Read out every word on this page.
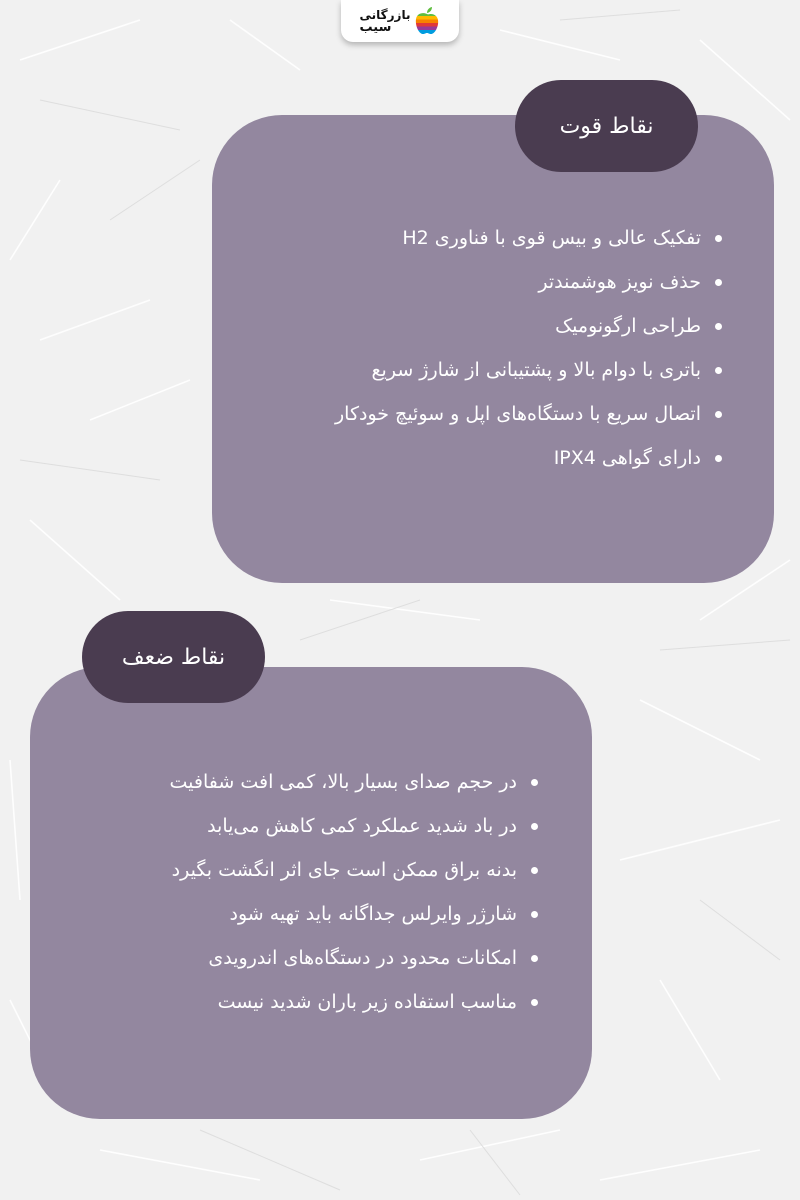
بازرگانی
سیب
نقاط قوت
تفکیک عالی و بیس قوی با فناوری H2
حذف نویز هوشمندتر
طراحی ارگونومیک
باتری با دوام بالا و پشتیبانی از شارژ سریع
اتصال سریع با دستگاه‌های اپل و سوئیچ خودکار
دارای گواهی IPX4
نقاط ضعف
در حجم صدای بسیار بالا، کمی افت شفافیت
در باد شدید عملکرد کمی کاهش می‌یابد
بدنه براق ممکن است جای اثر انگشت بگیرد
شارژر وایرلس جداگانه باید تهیه شود
امکانات محدود در دستگاه‌های اندرویدی
مناسب استفاده زیر باران شدید نیست
